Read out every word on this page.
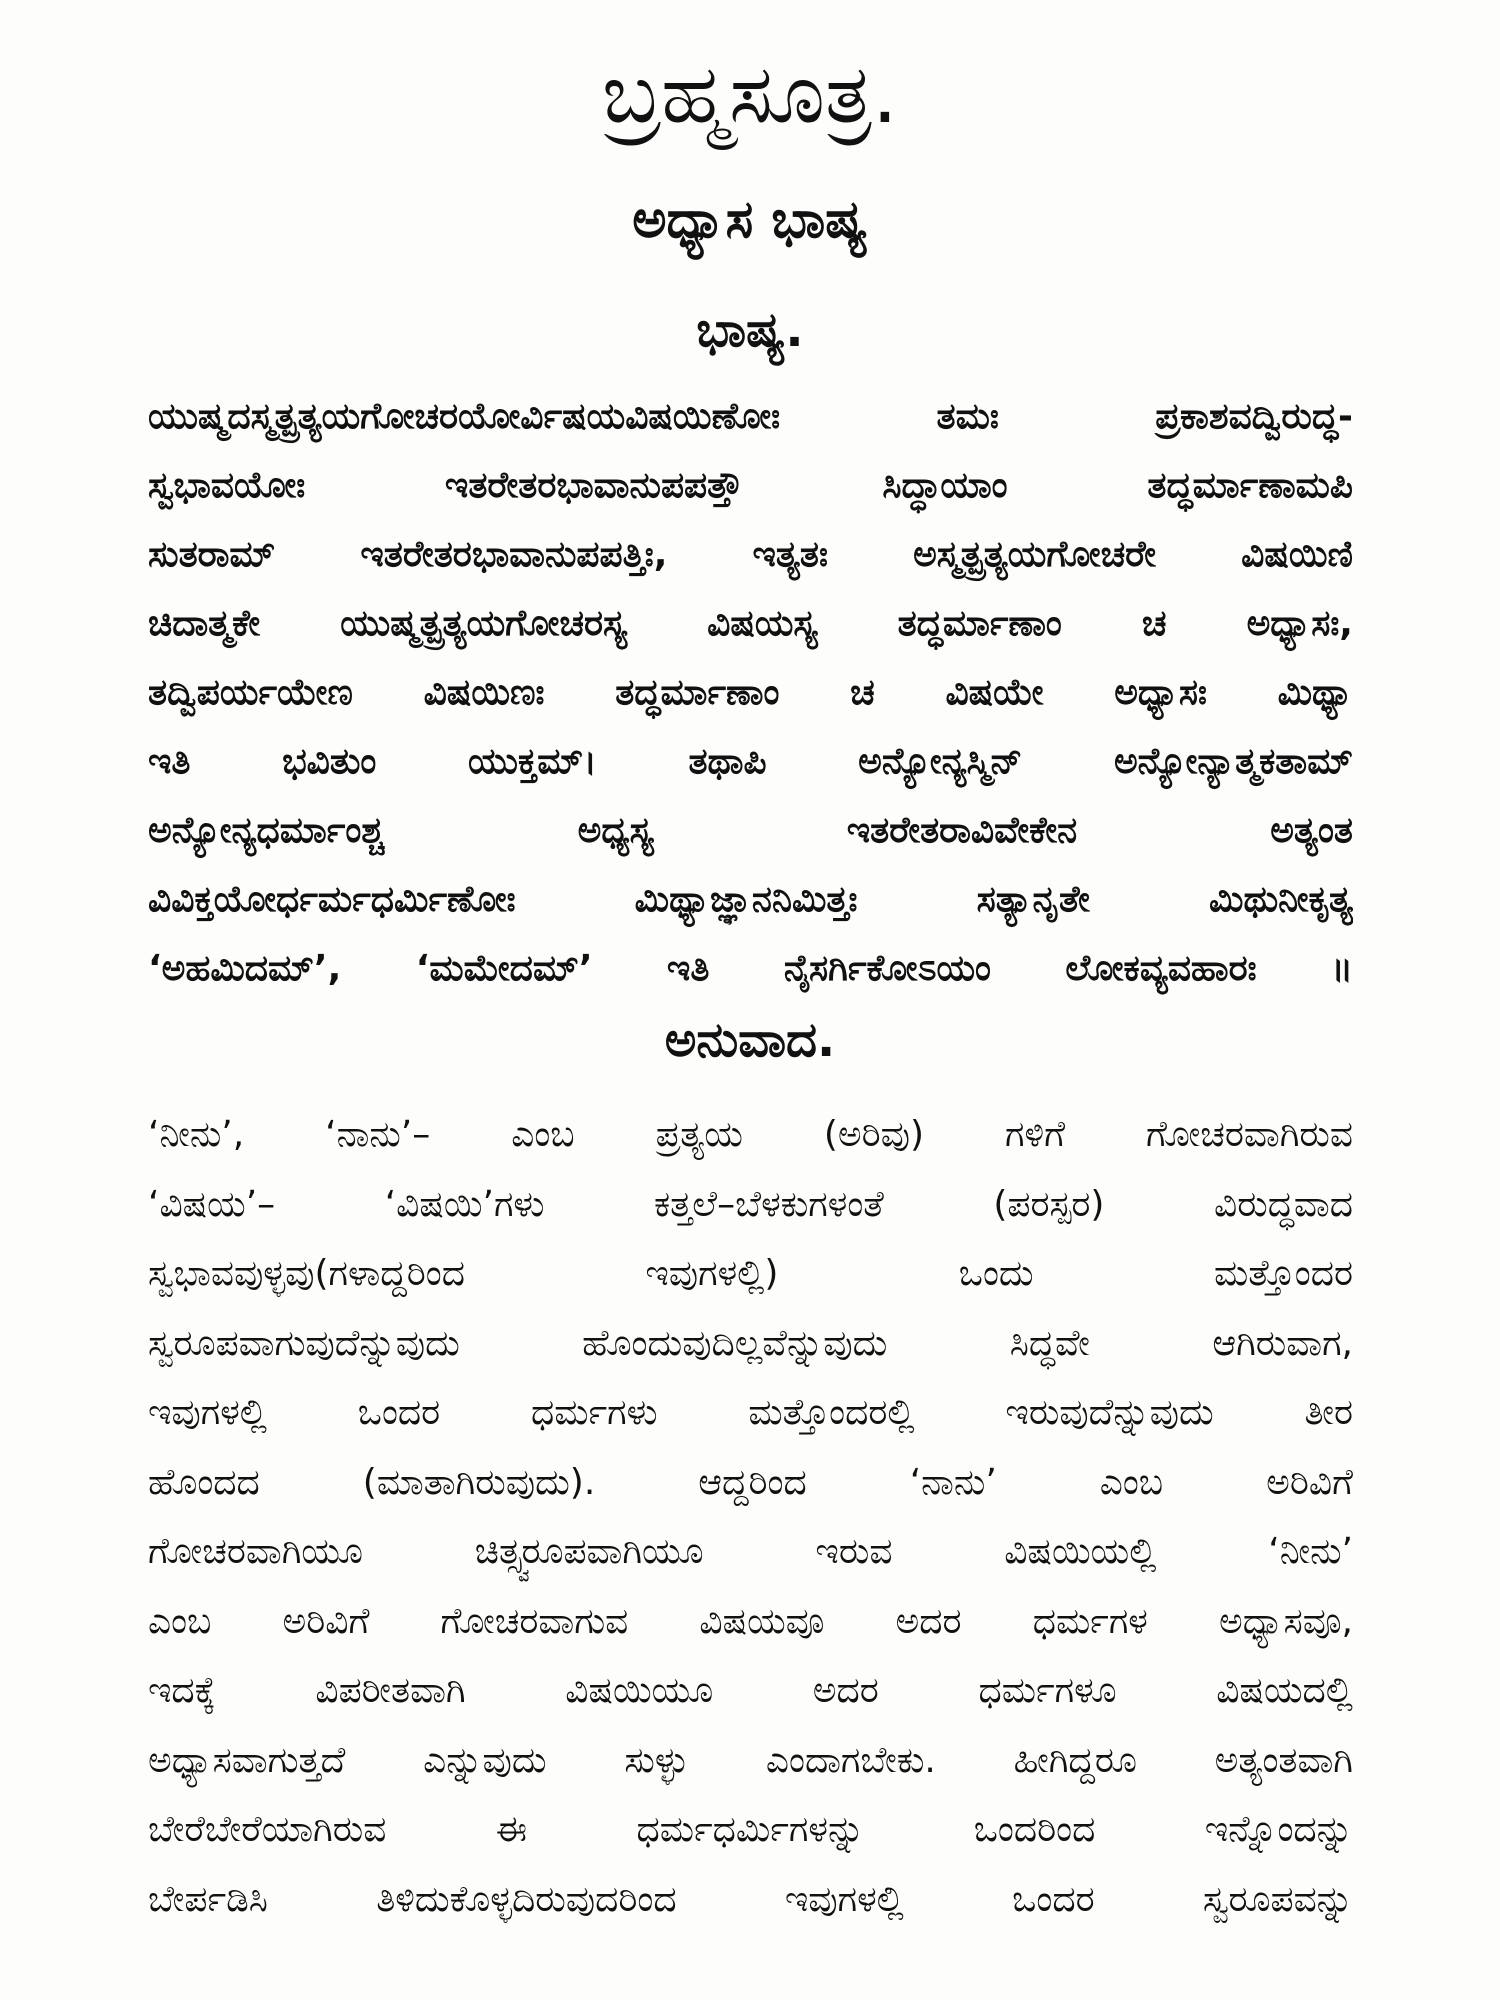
ಬ್ರಹ್ಮಸೂತ್ರ.
ಅಧ್ಯಾಸ ಭಾಷ್ಯ
ಭಾಷ್ಯ.
ಯುಷ್ಮದಸ್ಮತ್ಪ್ರತ್ಯಯಗೋಚರಯೋರ್ವಿಷಯವಿಷಯಿಣೋಃ ತಮಃ ಪ್ರಕಾಶವದ್ವಿರುದ್ಧ-
ಸ್ವಭಾವಯೋಃ ಇತರೇತರಭಾವಾನುಪಪತ್ತೌ ಸಿದ್ಧಾಯಾಂ ತದ್ಧರ್ಮಾಣಾಮಪಿ
ಸುತರಾಮ್ ಇತರೇತರಭಾವಾನುಪಪತ್ತಿಃ, ಇತ್ಯತಃ ಅಸ್ಮತ್ಪ್ರತ್ಯಯಗೋಚರೇ ವಿಷಯಿಣಿ
ಚಿದಾತ್ಮಕೇ ಯುಷ್ಮತ್ಪ್ರತ್ಯಯಗೋಚರಸ್ಯ ವಿಷಯಸ್ಯ ತದ್ಧರ್ಮಾಣಾಂ ಚ ಅಧ್ಯಾಸಃ,
ತದ್ವಿಪರ್ಯಯೇಣ ವಿಷಯಿಣಃ ತದ್ಧರ್ಮಾಣಾಂ ಚ ವಿಷಯೇ ಅಧ್ಯಾಸಃ ಮಿಥ್ಯಾ
ಇತಿ ಭವಿತುಂ ಯುಕ್ತಮ್। ತಥಾಪಿ ಅನ್ಯೋನ್ಯಸ್ಮಿನ್ ಅನ್ಯೋನ್ಯಾತ್ಮಕತಾಮ್
ಅನ್ಯೋನ್ಯಧರ್ಮಾಂಶ್ಚ ಅಧ್ಯಸ್ಯ ಇತರೇತರಾವಿವೇಕೇನ ಅತ್ಯಂತ
ವಿವಿಕ್ತಯೋರ್ಧರ್ಮಧರ್ಮಿಣೋಃ ಮಿಥ್ಯಾಜ್ಞಾನನಿಮಿತ್ತಃ ಸತ್ಯಾನೃತೇ ಮಿಥುನೀಕೃತ್ಯ
‘ಅಹಮಿದಮ್’, ‘ಮಮೇದಮ್’ ಇತಿ ನೈಸರ್ಗಿಕೋಽಯಂ ಲೋಕವ್ಯವಹಾರಃ ॥
ಅನುವಾದ.
‘ನೀನು’, ‘ನಾನು’– ಎಂಬ ಪ್ರತ್ಯಯ (ಅರಿವು) ಗಳಿಗೆ ಗೋಚರವಾಗಿರುವ
‘ವಿಷಯ’– ‘ವಿಷಯಿ’ಗಳು ಕತ್ತಲೆ–ಬೆಳಕುಗಳಂತೆ (ಪರಸ್ಪರ) ವಿರುದ್ಧವಾದ
ಸ್ವಭಾವವುಳ್ಳವು(ಗಳಾದ್ದರಿಂದ ಇವುಗಳಲ್ಲಿ) ಒಂದು ಮತ್ತೊಂದರ
ಸ್ವರೂಪವಾಗುವುದೆನ್ನುವುದು ಹೊಂದುವುದಿಲ್ಲವೆನ್ನುವುದು ಸಿದ್ಧವೇ ಆಗಿರುವಾಗ,
ಇವುಗಳಲ್ಲಿ ಒಂದರ ಧರ್ಮಗಳು ಮತ್ತೊಂದರಲ್ಲಿ ಇರುವುದೆನ್ನುವುದು ತೀರ
ಹೊಂದದ (ಮಾತಾಗಿರುವುದು). ಆದ್ದರಿಂದ ‘ನಾನು’ ಎಂಬ ಅರಿವಿಗೆ
ಗೋಚರವಾಗಿಯೂ ಚಿತ್ಸ್ವರೂಪವಾಗಿಯೂ ಇರುವ ವಿಷಯಿಯಲ್ಲಿ ‘ನೀನು’
ಎಂಬ ಅರಿವಿಗೆ ಗೋಚರವಾಗುವ ವಿಷಯವೂ ಅದರ ಧರ್ಮಗಳ ಅಧ್ಯಾಸವೂ,
ಇದಕ್ಕೆ ವಿಪರೀತವಾಗಿ ವಿಷಯಿಯೂ ಅದರ ಧರ್ಮಗಳೂ ವಿಷಯದಲ್ಲಿ
ಅಧ್ಯಾಸವಾಗುತ್ತದೆ ಎನ್ನುವುದು ಸುಳ್ಳು ಎಂದಾಗಬೇಕು. ಹೀಗಿದ್ದರೂ ಅತ್ಯಂತವಾಗಿ
ಬೇರೆಬೇರೆಯಾಗಿರುವ ಈ ಧರ್ಮಧರ್ಮಿಗಳನ್ನು ಒಂದರಿಂದ ಇನ್ನೊಂದನ್ನು
ಬೇರ್ಪಡಿಸಿ ತಿಳಿದುಕೊಳ್ಳದಿರುವುದರಿಂದ ಇವುಗಳಲ್ಲಿ ಒಂದರ ಸ್ವರೂಪವನ್ನು
